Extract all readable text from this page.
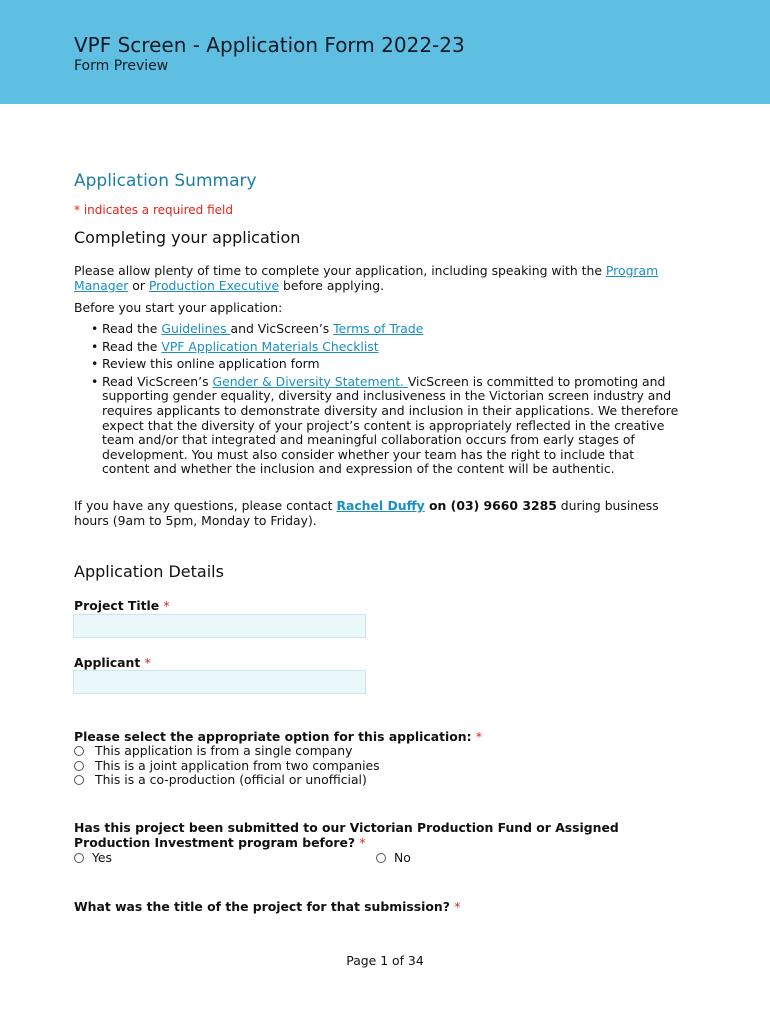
VPF Screen - Application Form 2022-23
Form Preview
Application Summary
* indicates a required field
Completing your application
Please allow plenty of time to complete your application, including speaking with the Program Manager or Production Executive before applying.
Before you start your application:
• Read the Guidelines and VicScreen’s Terms of Trade
• Read the VPF Application Materials Checklist
• Review this online application form
• Read VicScreen’s Gender & Diversity Statement. VicScreen is committed to promoting and supporting gender equality, diversity and inclusiveness in the Victorian screen industry and requires applicants to demonstrate diversity and inclusion in their applications. We therefore expect that the diversity of your project’s content is appropriately reflected in the creative team and/or that integrated and meaningful collaboration occurs from early stages of development. You must also consider whether your team has the right to include that content and whether the inclusion and expression of the content will be authentic.
If you have any questions, please contact Rachel Duffy on (03) 9660 3285 during business hours (9am to 5pm, Monday to Friday).
Application Details
Project Title *
Applicant *
Please select the appropriate option for this application: *
This application is from a single company
This is a joint application from two companies
This is a co-production (official or unofficial)
Has this project been submitted to our Victorian Production Fund or Assigned Production Investment program before? *
Yes	No
What was the title of the project for that submission? *
Page 1 of 34
